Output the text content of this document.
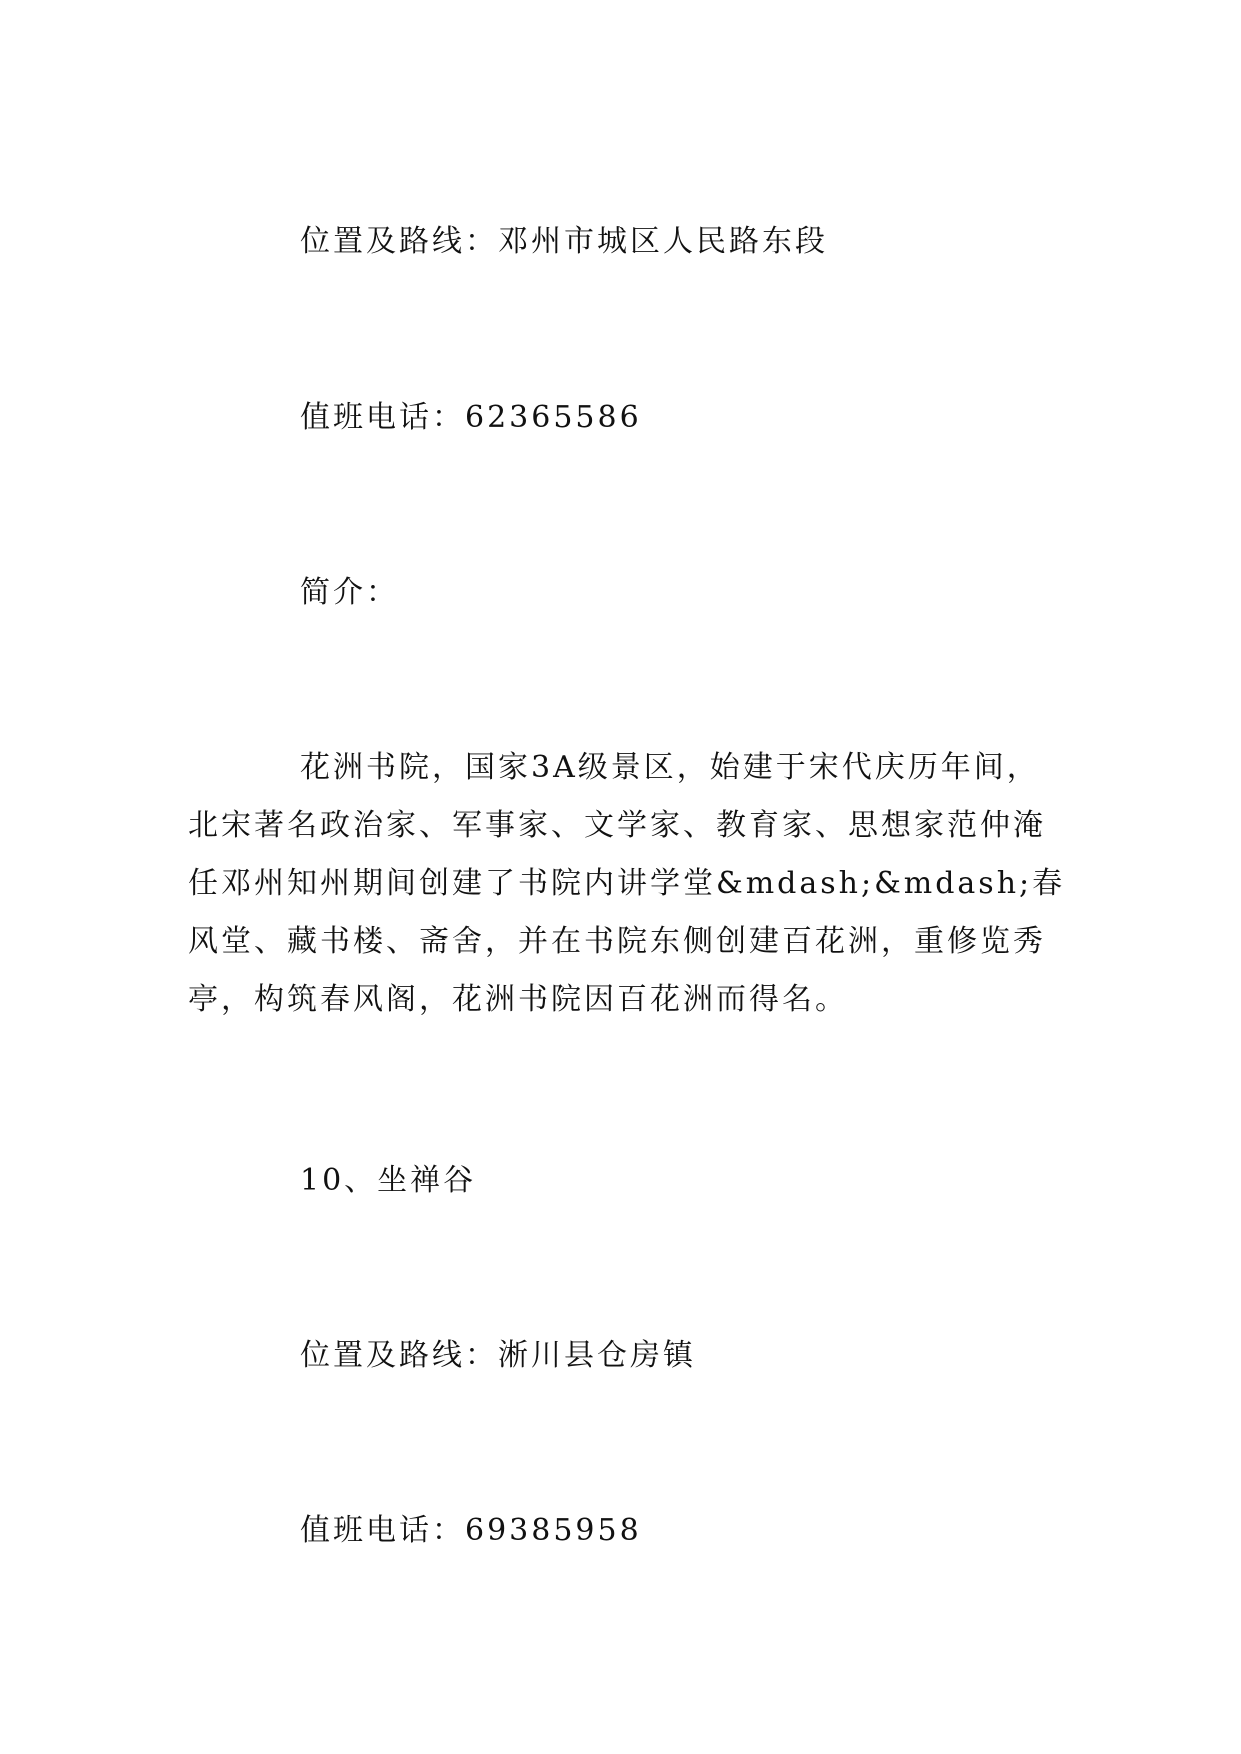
位置及路线：邓州市城区人民路东段
值班电话：62365586
简介：

花洲书院，国家3A级景区，始建于宋代庆历年间，北宋著名政治家、军事家、文学家、教育家、思想家范仲淹任邓州知州期间创建了书院内讲学堂&mdash;&mdash;春风堂、藏书楼、斋舍，并在书院东侧创建百花洲，重修览秀亭，构筑春风阁，花洲书院因百花洲而得名。

10、坐禅谷
位置及路线：淅川县仓房镇
值班电话：69385958
